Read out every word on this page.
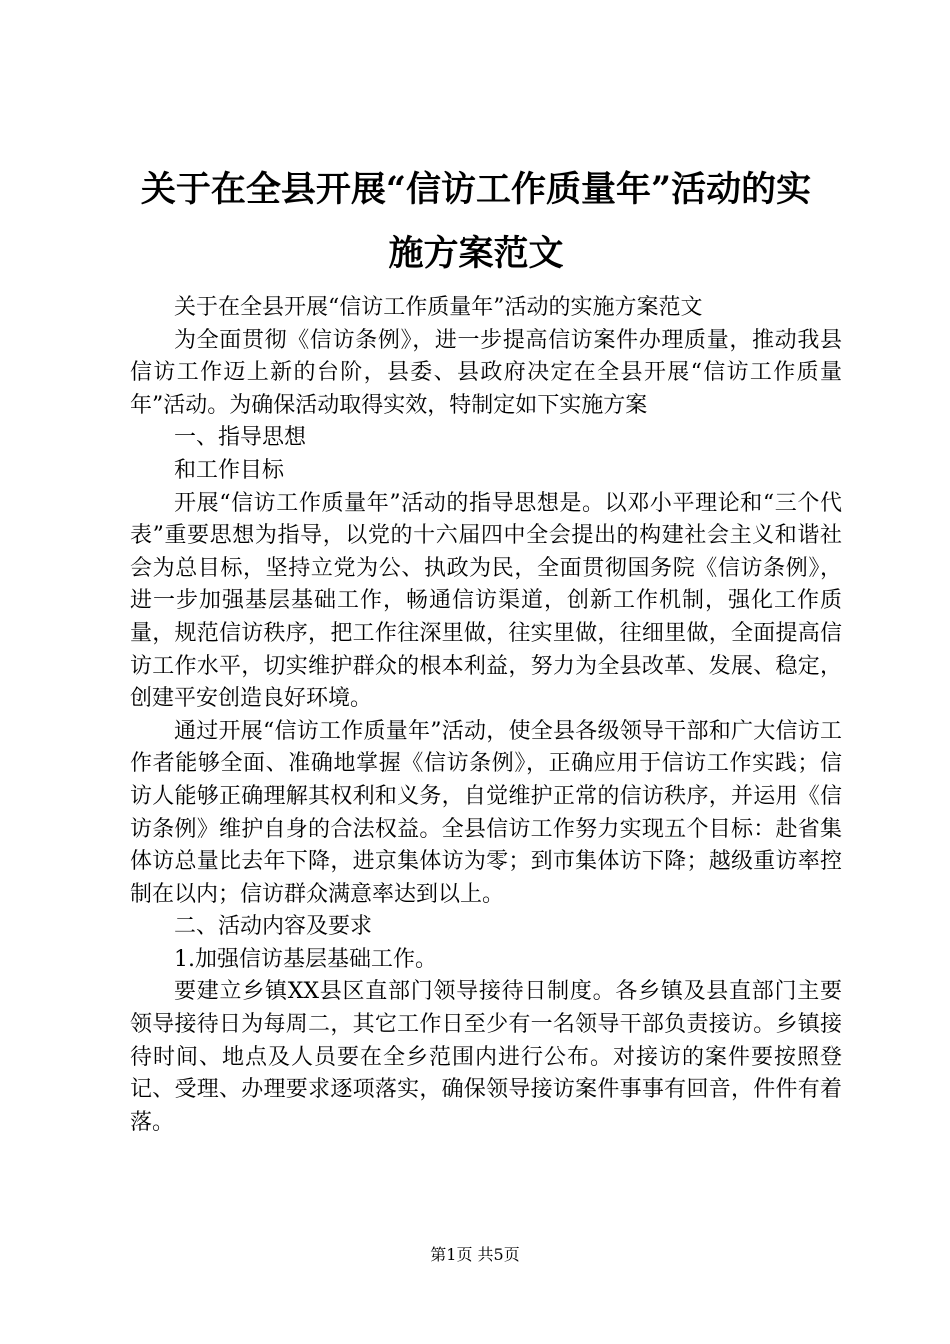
关于在全县开展“信访工作质量年”活动的实
施方案范文

关于在全县开展“信访工作质量年”活动的实施方案范文

为全面贯彻《信访条例》，进一步提高信访案件办理质量，推动我县信访工作迈上新的台阶，县委、县政府决定在全县开展“信访工作质量年”活动。为确保活动取得实效，特制定如下实施方案

一、指导思想

和工作目标

开展“信访工作质量年”活动的指导思想是。以邓小平理论和“三个代表”重要思想为指导，以党的十六届四中全会提出的构建社会主义和谐社会为总目标，坚持立党为公、执政为民，全面贯彻国务院《信访条例》，进一步加强基层基础工作，畅通信访渠道，创新工作机制，强化工作质量，规范信访秩序，把工作往深里做，往实里做，往细里做，全面提高信访工作水平，切实维护群众的根本利益，努力为全县改革、发展、稳定，创建平安创造良好环境。

通过开展“信访工作质量年”活动，使全县各级领导干部和广大信访工作者能够全面、准确地掌握《信访条例》，正确应用于信访工作实践；信访人能够正确理解其权利和义务，自觉维护正常的信访秩序，并运用《信访条例》维护自身的合法权益。全县信访工作努力实现五个目标：赴省集体访总量比去年下降，进京集体访为零；到市集体访下降；越级重访率控制在以内；信访群众满意率达到以上。

二、活动内容及要求

1.加强信访基层基础工作。

要建立乡镇XX县区直部门领导接待日制度。各乡镇及县直部门主要领导接待日为每周二，其它工作日至少有一名领导干部负责接访。乡镇接待时间、地点及人员要在全乡范围内进行公布。对接访的案件要按照登记、受理、办理要求逐项落实，确保领导接访案件事事有回音，件件有着落。

第1页 共5页
